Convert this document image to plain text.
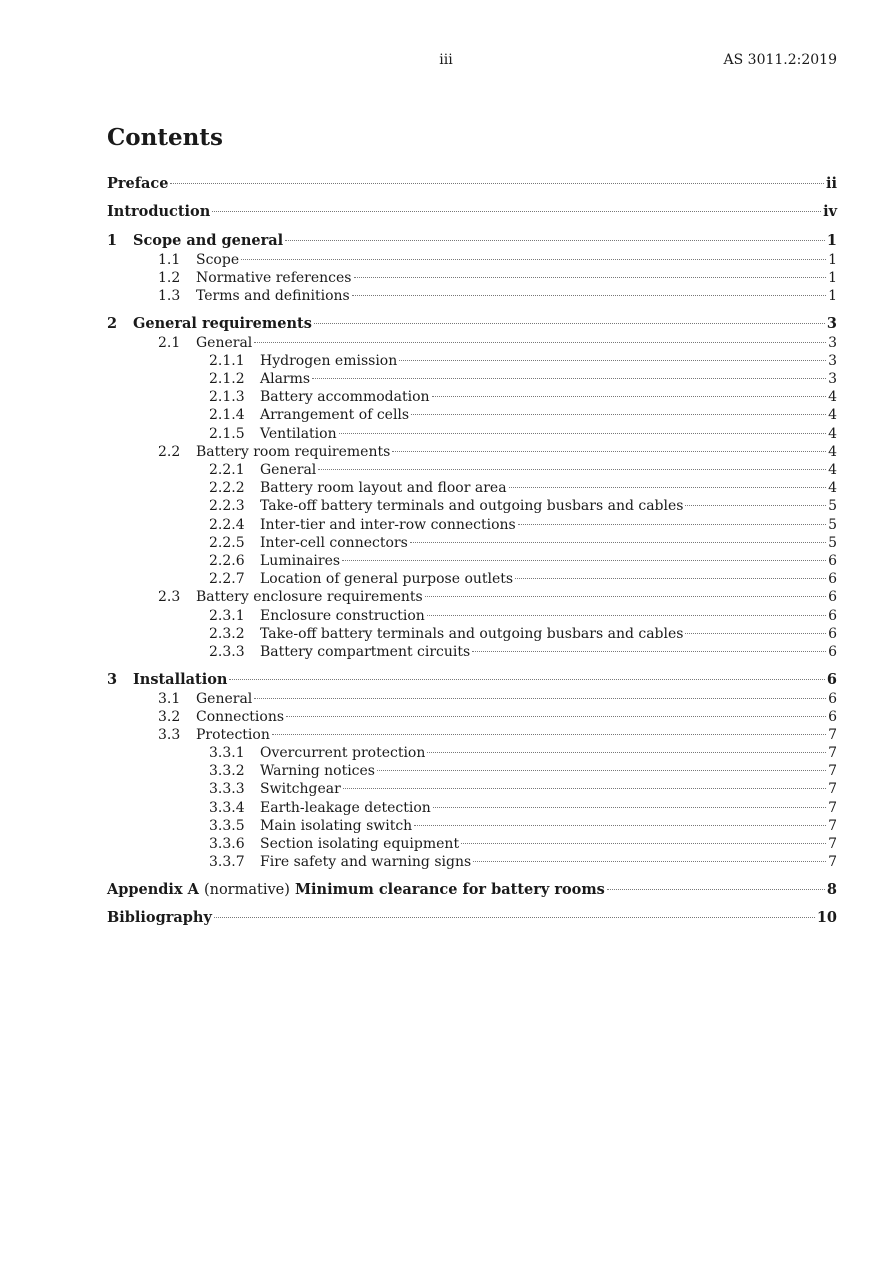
iii	AS 3011.2:2019
Contents
Preface	ii
Introduction	iv
1	Scope and general	1
1.1	Scope	1
1.2	Normative references	1
1.3	Terms and definitions	1
2	General requirements	3
2.1	General	3
2.1.1	Hydrogen emission	3
2.1.2	Alarms	3
2.1.3	Battery accommodation	4
2.1.4	Arrangement of cells	4
2.1.5	Ventilation	4
2.2	Battery room requirements	4
2.2.1	General	4
2.2.2	Battery room layout and floor area	4
2.2.3	Take-off battery terminals and outgoing busbars and cables	5
2.2.4	Inter-tier and inter-row connections	5
2.2.5	Inter-cell connectors	5
2.2.6	Luminaires	6
2.2.7	Location of general purpose outlets	6
2.3	Battery enclosure requirements	6
2.3.1	Enclosure construction	6
2.3.2	Take-off battery terminals and outgoing busbars and cables	6
2.3.3	Battery compartment circuits	6
3	Installation	6
3.1	General	6
3.2	Connections	6
3.3	Protection	7
3.3.1	Overcurrent protection	7
3.3.2	Warning notices	7
3.3.3	Switchgear	7
3.3.4	Earth-leakage detection	7
3.3.5	Main isolating switch	7
3.3.6	Section isolating equipment	7
3.3.7	Fire safety and warning signs	7
Appendix A (normative) Minimum clearance for battery rooms	8
Bibliography	10
